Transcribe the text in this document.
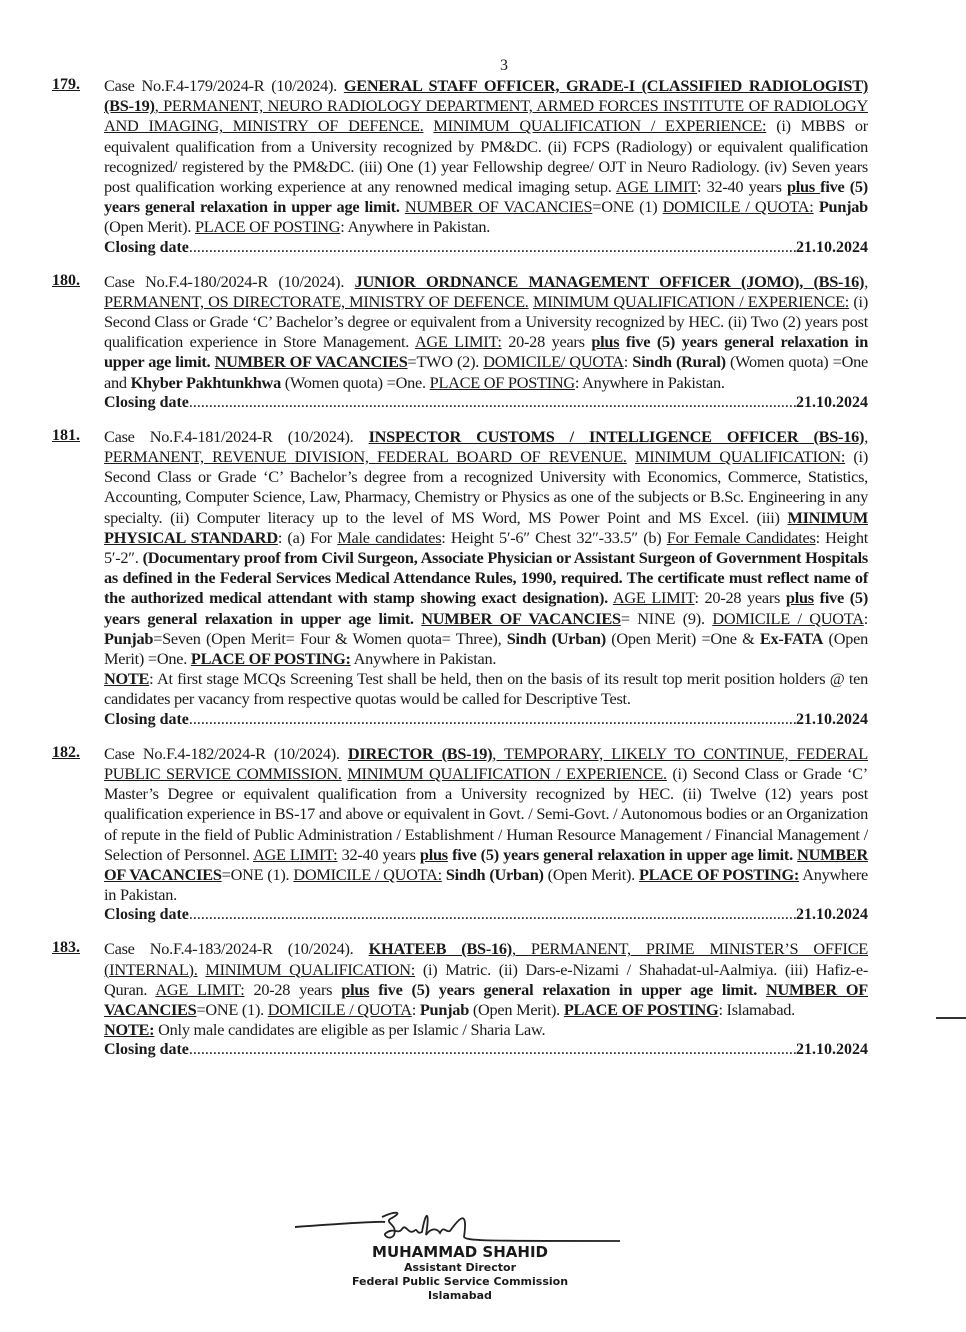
3
179. Case No.F.4-179/2024-R (10/2024). GENERAL STAFF OFFICER, GRADE-I (CLASSIFIED RADIOLOGIST) (BS-19), PERMANENT, NEURO RADIOLOGY DEPARTMENT, ARMED FORCES INSTITUTE OF RADIOLOGY AND IMAGING, MINISTRY OF DEFENCE. MINIMUM QUALIFICATION / EXPERIENCE: (i) MBBS or equivalent qualification from a University recognized by PM&DC. (ii) FCPS (Radiology) or equivalent qualification recognized/ registered by the PM&DC. (iii) One (1) year Fellowship degree/ OJT in Neuro Radiology. (iv) Seven years post qualification working experience at any renowned medical imaging setup. AGE LIMIT: 32-40 years plus five (5) years general relaxation in upper age limit. NUMBER OF VACANCIES=ONE (1) DOMICILE / QUOTA: Punjab (Open Merit). PLACE OF POSTING: Anywhere in Pakistan.
Closing date .....	21.10.2024
180. Case No.F.4-180/2024-R (10/2024). JUNIOR ORDNANCE MANAGEMENT OFFICER (JOMO), (BS-16), PERMANENT, OS DIRECTORATE, MINISTRY OF DEFENCE. MINIMUM QUALIFICATION / EXPERIENCE: (i) Second Class or Grade ‘C’ Bachelor’s degree or equivalent from a University recognized by HEC. (ii) Two (2) years post qualification experience in Store Management. AGE LIMIT: 20-28 years plus five (5) years general relaxation in upper age limit. NUMBER OF VACANCIES=TWO (2). DOMICILE/ QUOTA: Sindh (Rural) (Women quota) =One and Khyber Pakhtunkhwa (Women quota) =One. PLACE OF POSTING: Anywhere in Pakistan.
Closing date .....	21.10.2024
181. Case No.F.4-181/2024-R (10/2024). INSPECTOR CUSTOMS / INTELLIGENCE OFFICER (BS-16), PERMANENT, REVENUE DIVISION, FEDERAL BOARD OF REVENUE. MINIMUM QUALIFICATION: (i) Second Class or Grade ‘C’ Bachelor’s degree from a recognized University with Economics, Commerce, Statistics, Accounting, Computer Science, Law, Pharmacy, Chemistry or Physics as one of the subjects or B.Sc. Engineering in any specialty. (ii) Computer literacy up to the level of MS Word, MS Power Point and MS Excel. (iii) MINIMUM PHYSICAL STANDARD: (a) For Male candidates: Height 5′-6″ Chest 32″-33.5″ (b) For Female Candidates: Height 5′-2″. (Documentary proof from Civil Surgeon, Associate Physician or Assistant Surgeon of Government Hospitals as defined in the Federal Services Medical Attendance Rules, 1990, required. The certificate must reflect name of the authorized medical attendant with stamp showing exact designation). AGE LIMIT: 20-28 years plus five (5) years general relaxation in upper age limit. NUMBER OF VACANCIES= NINE (9). DOMICILE / QUOTA: Punjab=Seven (Open Merit= Four & Women quota= Three), Sindh (Urban) (Open Merit) =One & Ex-FATA (Open Merit) =One. PLACE OF POSTING: Anywhere in Pakistan.
NOTE: At first stage MCQs Screening Test shall be held, then on the basis of its result top merit position holders @ ten candidates per vacancy from respective quotas would be called for Descriptive Test.
Closing date .....	21.10.2024
182. Case No.F.4-182/2024-R (10/2024). DIRECTOR (BS-19), TEMPORARY, LIKELY TO CONTINUE, FEDERAL PUBLIC SERVICE COMMISSION. MINIMUM QUALIFICATION / EXPERIENCE. (i) Second Class or Grade ‘C’ Master’s Degree or equivalent qualification from a University recognized by HEC. (ii) Twelve (12) years post qualification experience in BS-17 and above or equivalent in Govt. / Semi-Govt. / Autonomous bodies or an Organization of repute in the field of Public Administration / Establishment / Human Resource Management / Financial Management / Selection of Personnel. AGE LIMIT: 32-40 years plus five (5) years general relaxation in upper age limit. NUMBER OF VACANCIES=ONE (1). DOMICILE / QUOTA: Sindh (Urban) (Open Merit). PLACE OF POSTING: Anywhere in Pakistan.
Closing date .....	21.10.2024
183. Case No.F.4-183/2024-R (10/2024). KHATEEB (BS-16), PERMANENT, PRIME MINISTER’S OFFICE (INTERNAL). MINIMUM QUALIFICATION: (i) Matric. (ii) Dars-e-Nizami / Shahadat-ul-Aalmiya. (iii) Hafiz-e-Quran. AGE LIMIT: 20-28 years plus five (5) years general relaxation in upper age limit. NUMBER OF VACANCIES=ONE (1). DOMICILE / QUOTA: Punjab (Open Merit). PLACE OF POSTING: Islamabad.
NOTE: Only male candidates are eligible as per Islamic / Sharia Law.
Closing date .....	21.10.2024
MUHAMMAD SHAHID
Assistant Director
Federal Public Service Commission
Islamabad
